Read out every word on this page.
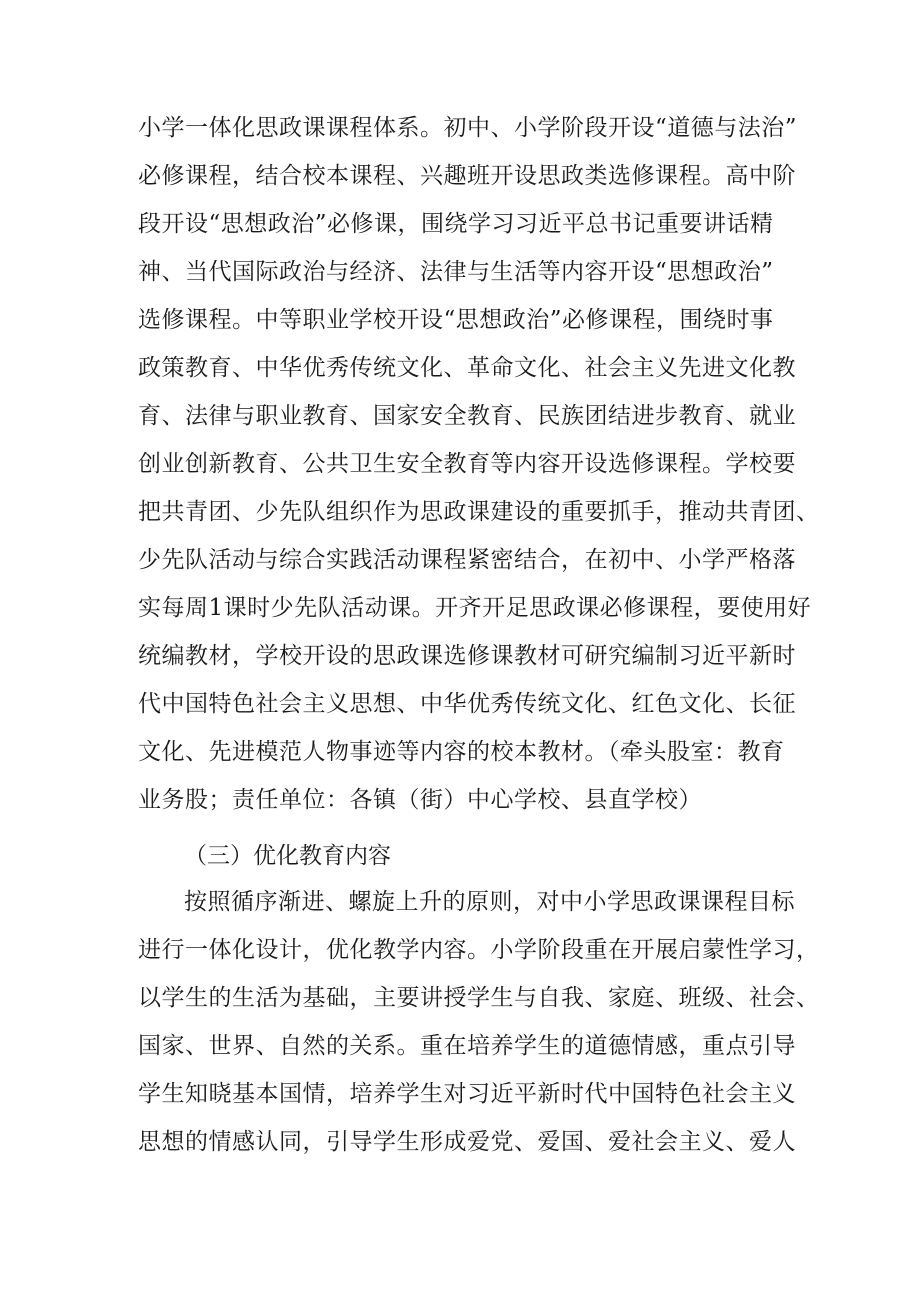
小学一体化思政课课程体系。初中、小学阶段开设“道德与法治”
必修课程，结合校本课程、兴趣班开设思政类选修课程。高中阶
段开设“思想政治”必修课，围绕学习习近平总书记重要讲话精
神、当代国际政治与经济、法律与生活等内容开设“思想政治”
选修课程。中等职业学校开设“思想政治”必修课程，围绕时事
政策教育、中华优秀传统文化、革命文化、社会主义先进文化教
育、法律与职业教育、国家安全教育、民族团结进步教育、就业
创业创新教育、公共卫生安全教育等内容开设选修课程。学校要
把共青团、少先队组织作为思政课建设的重要抓手，推动共青团、
少先队活动与综合实践活动课程紧密结合，在初中、小学严格落
实每周1课时少先队活动课。开齐开足思政课必修课程，要使用好
统编教材，学校开设的思政课选修课教材可研究编制习近平新时
代中国特色社会主义思想、中华优秀传统文化、红色文化、长征
文化、先进模范人物事迹等内容的校本教材。（牵头股室：教育
业务股；责任单位：各镇（街）中心学校、县直学校）
（三）优化教育内容
按照循序渐进、螺旋上升的原则，对中小学思政课课程目标
进行一体化设计，优化教学内容。小学阶段重在开展启蒙性学习，
以学生的生活为基础，主要讲授学生与自我、家庭、班级、社会、
国家、世界、自然的关系。重在培养学生的道德情感，重点引导
学生知晓基本国情，培养学生对习近平新时代中国特色社会主义
思想的情感认同，引导学生形成爱党、爱国、爱社会主义、爱人
